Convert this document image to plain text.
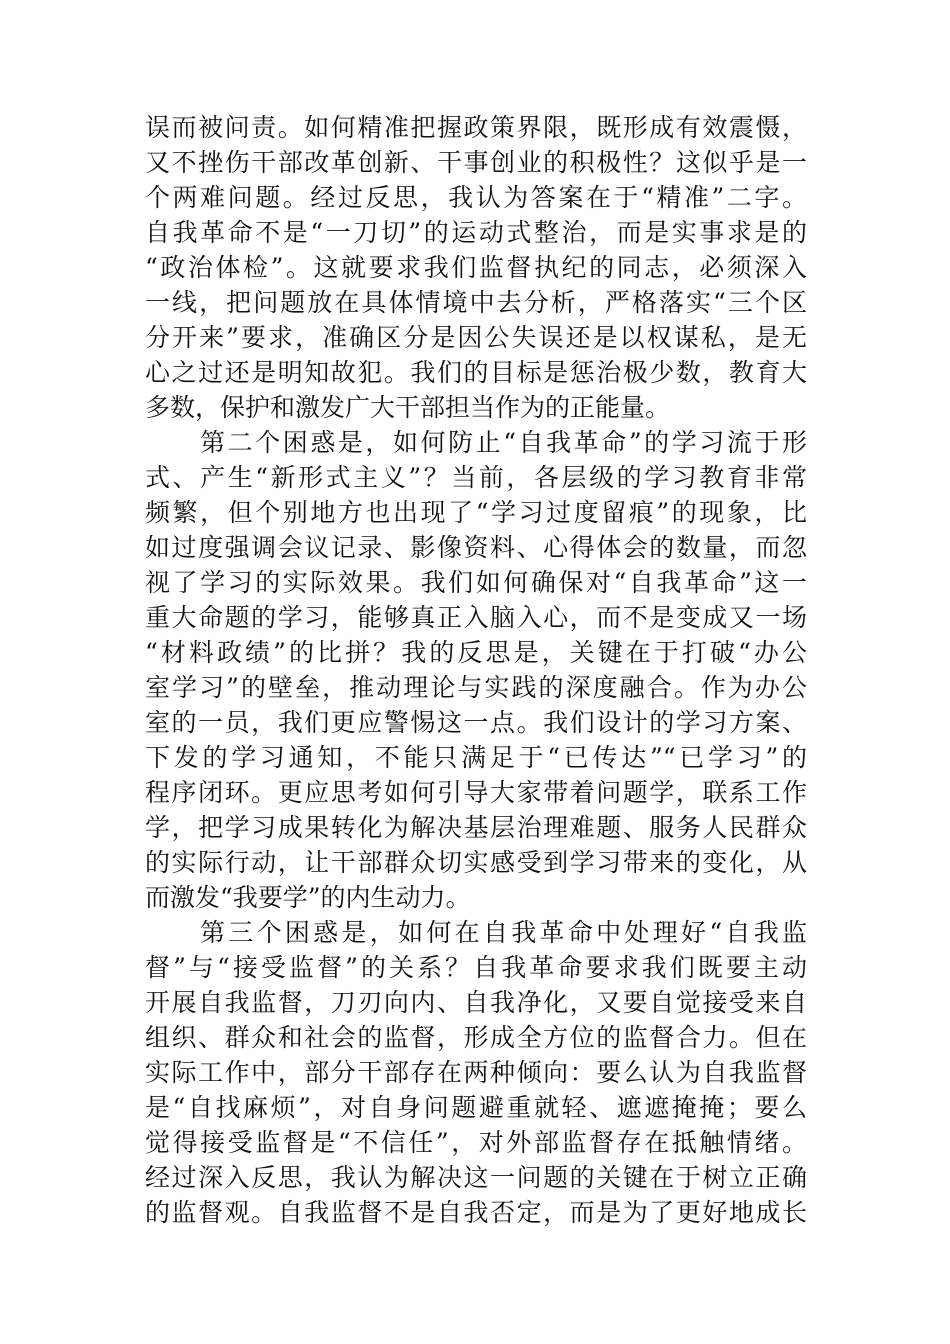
误而被问责。如何精准把握政策界限，既形成有效震慑，
又不挫伤干部改革创新、干事创业的积极性？这似乎是一
个两难问题。经过反思，我认为答案在于“精准”二字。
自我革命不是“一刀切”的运动式整治，而是实事求是的
“政治体检”。这就要求我们监督执纪的同志，必须深入
一线，把问题放在具体情境中去分析，严格落实“三个区
分开来”要求，准确区分是因公失误还是以权谋私，是无
心之过还是明知故犯。我们的目标是惩治极少数，教育大
多数，保护和激发广大干部担当作为的正能量。
第二个困惑是，如何防止“自我革命”的学习流于形
式、产生“新形式主义”？当前，各层级的学习教育非常
频繁，但个别地方也出现了“学习过度留痕”的现象，比
如过度强调会议记录、影像资料、心得体会的数量，而忽
视了学习的实际效果。我们如何确保对“自我革命”这一
重大命题的学习，能够真正入脑入心，而不是变成又一场
“材料政绩”的比拼？我的反思是，关键在于打破“办公
室学习”的壁垒，推动理论与实践的深度融合。作为办公
室的一员，我们更应警惕这一点。我们设计的学习方案、
下发的学习通知，不能只满足于“已传达”“已学习”的
程序闭环。更应思考如何引导大家带着问题学，联系工作
学，把学习成果转化为解决基层治理难题、服务人民群众
的实际行动，让干部群众切实感受到学习带来的变化，从
而激发“我要学”的内生动力。
第三个困惑是，如何在自我革命中处理好“自我监
督”与“接受监督”的关系？自我革命要求我们既要主动
开展自我监督，刀刃向内、自我净化，又要自觉接受来自
组织、群众和社会的监督，形成全方位的监督合力。但在
实际工作中，部分干部存在两种倾向：要么认为自我监督
是“自找麻烦”，对自身问题避重就轻、遮遮掩掩；要么
觉得接受监督是“不信任”，对外部监督存在抵触情绪。
经过深入反思，我认为解决这一问题的关键在于树立正确
的监督观。自我监督不是自我否定，而是为了更好地成长
